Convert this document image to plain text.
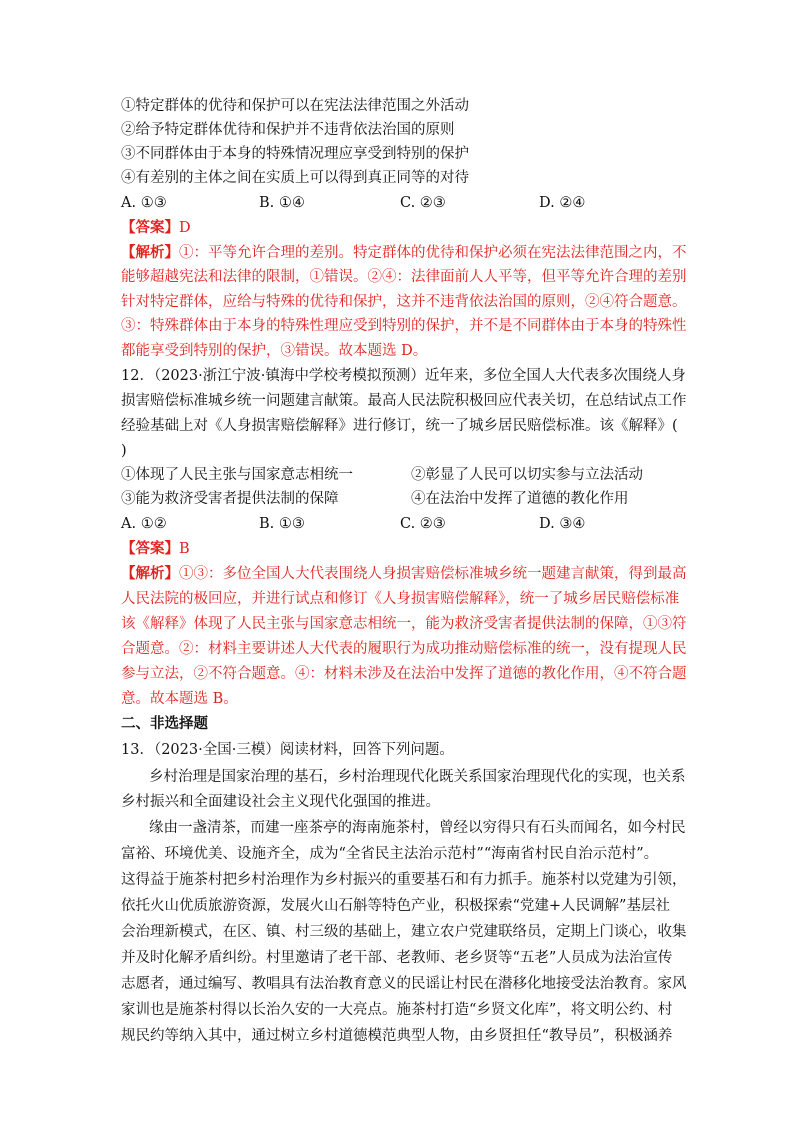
①特定群体的优待和保护可以在宪法法律范围之外活动
②给予特定群体优待和保护并不违背依法治国的原则
③不同群体由于本身的特殊情况理应享受到特别的保护
④有差别的主体之间在实质上可以得到真正同等的对待
A. ①③	B. ①④	C. ②③	D. ②④
【答案】D
【解析】①：平等允许合理的差别。特定群体的优待和保护必须在宪法法律范围之内，不
能够超越宪法和法律的限制，①错误。②④：法律面前人人平等，但平等允许合理的差别
针对特定群体，应给与特殊的优待和保护，这并不违背依法治国的原则，②④符合题意。
③：特殊群体由于本身的特殊性理应受到特别的保护，并不是不同群体由于本身的特殊性
都能享受到特别的保护，③错误。故本题选 D。
12．（2023·浙江宁波·镇海中学校考模拟预测）近年来，多位全国人大代表多次围绕人身
损害赔偿标准城乡统一问题建言献策。最高人民法院积极回应代表关切，在总结试点工作
经验基础上对《人身损害赔偿解释》进行修订，统一了城乡居民赔偿标准。该《解释》(
)
①体现了人民主张与国家意志相统一	②彰显了人民可以切实参与立法活动
③能为救济受害者提供法制的保障	④在法治中发挥了道德的教化作用
A. ①②	B. ①③	C. ②③	D. ③④
【答案】B
【解析】①③：多位全国人大代表围绕人身损害赔偿标准城乡统一题建言献策，得到最高
人民法院的极回应，并进行试点和修订《人身损害赔偿解释》，统一了城乡居民赔偿标准
该《解释》体现了人民主张与国家意志相统一，能为救济受害者提供法制的保障，①③符
合题意。②：材料主要讲述人大代表的履职行为成功推动赔偿标准的统一，没有提现人民
参与立法，②不符合题意。④：材料未涉及在法治中发挥了道德的教化作用，④不符合题
意。故本题选 B。
二、非选择题
13．（2023·全国·三模）阅读材料，回答下列问题。
乡村治理是国家治理的基石，乡村治理现代化既关系国家治理现代化的实现，也关系
乡村振兴和全面建设社会主义现代化强国的推进。
缘由一盏清茶，而建一座茶亭的海南施茶村，曾经以穷得只有石头而闻名，如今村民
富裕、环境优美、设施齐全，成为“全省民主法治示范村”“海南省村民自治示范村”。
这得益于施茶村把乡村治理作为乡村振兴的重要基石和有力抓手。施茶村以党建为引领，
依托火山优质旅游资源，发展火山石斛等特色产业，积极探索“党建+人民调解”基层社
会治理新模式，在区、镇、村三级的基础上，建立农户党建联络员，定期上门谈心，收集
并及时化解矛盾纠纷。村里邀请了老干部、老教师、老乡贤等“五老”人员成为法治宣传
志愿者，通过编写、教唱具有法治教育意义的民谣让村民在潜移化地接受法治教育。家风
家训也是施茶村得以长治久安的一大亮点。施茶村打造“乡贤文化库”，将文明公约、村
规民约等纳入其中，通过树立乡村道德模范典型人物，由乡贤担任“教导员”，积极涵养
